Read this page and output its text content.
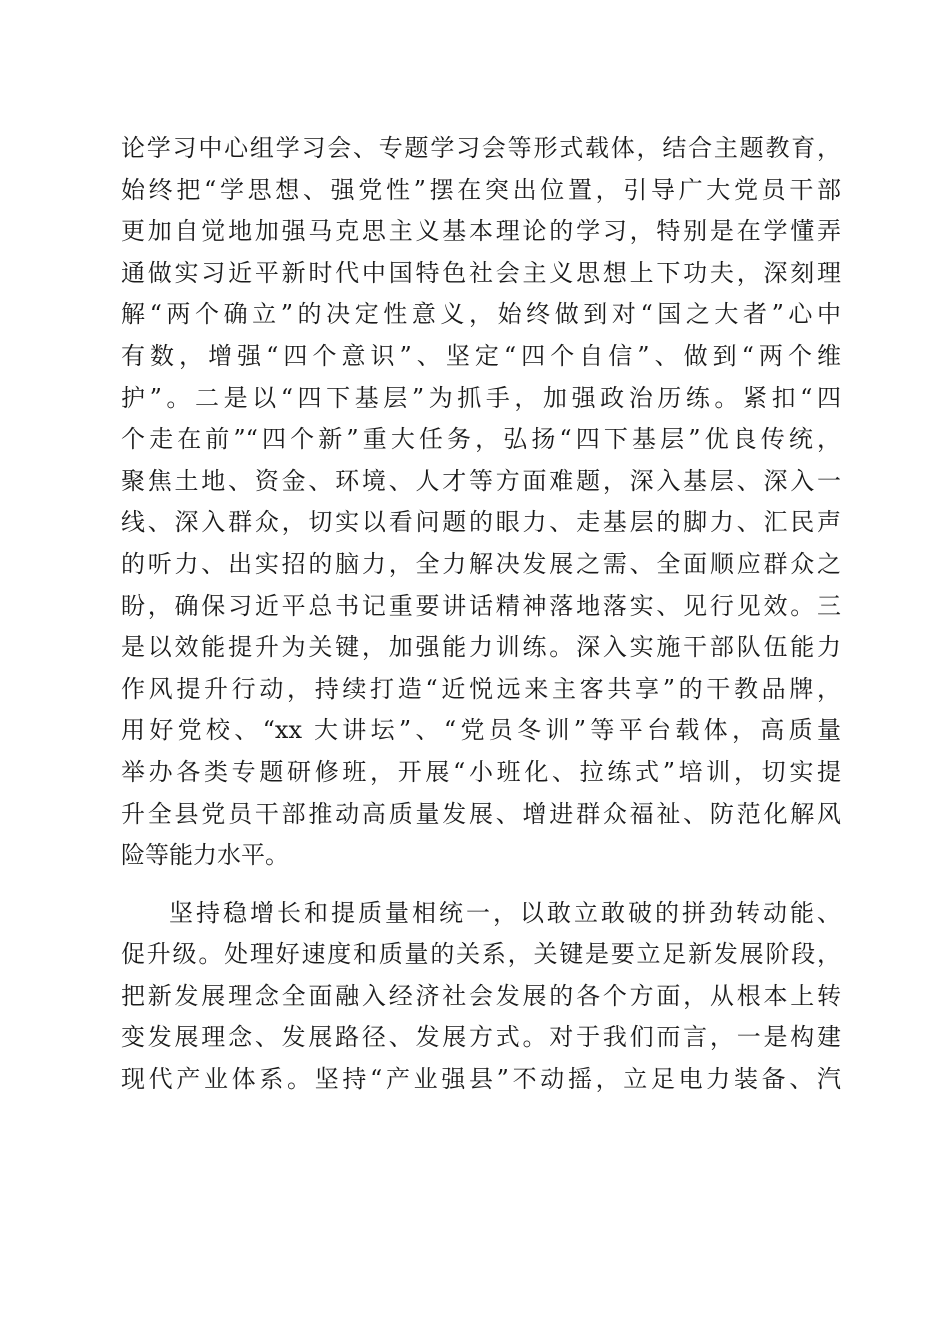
论学习中心组学习会、专题学习会等形式载体，结合主题教育，
始终把“学思想、强党性”摆在突出位置，引导广大党员干部
更加自觉地加强马克思主义基本理论的学习，特别是在学懂弄
通做实习近平新时代中国特色社会主义思想上下功夫，深刻理
解“两个确立”的决定性意义，始终做到对“国之大者”心中
有数，增强“四个意识”、坚定“四个自信”、做到“两个维
护”。二是以“四下基层”为抓手，加强政治历练。紧扣“四
个走在前”“四个新”重大任务，弘扬“四下基层”优良传统，
聚焦土地、资金、环境、人才等方面难题，深入基层、深入一
线、深入群众，切实以看问题的眼力、走基层的脚力、汇民声
的听力、出实招的脑力，全力解决发展之需、全面顺应群众之
盼，确保习近平总书记重要讲话精神落地落实、见行见效。三
是以效能提升为关键，加强能力训练。深入实施干部队伍能力
作风提升行动，持续打造“近悦远来主客共享”的干教品牌，
用好党校、“xx 大讲坛”、“党员冬训”等平台载体，高质量
举办各类专题研修班，开展“小班化、拉练式”培训，切实提
升全县党员干部推动高质量发展、增进群众福祉、防范化解风
险等能力水平。
坚持稳增长和提质量相统一，以敢立敢破的拼劲转动能、
促升级。处理好速度和质量的关系，关键是要立足新发展阶段，
把新发展理念全面融入经济社会发展的各个方面，从根本上转
变发展理念、发展路径、发展方式。对于我们而言，一是构建
现代产业体系。坚持“产业强县”不动摇，立足电力装备、汽
